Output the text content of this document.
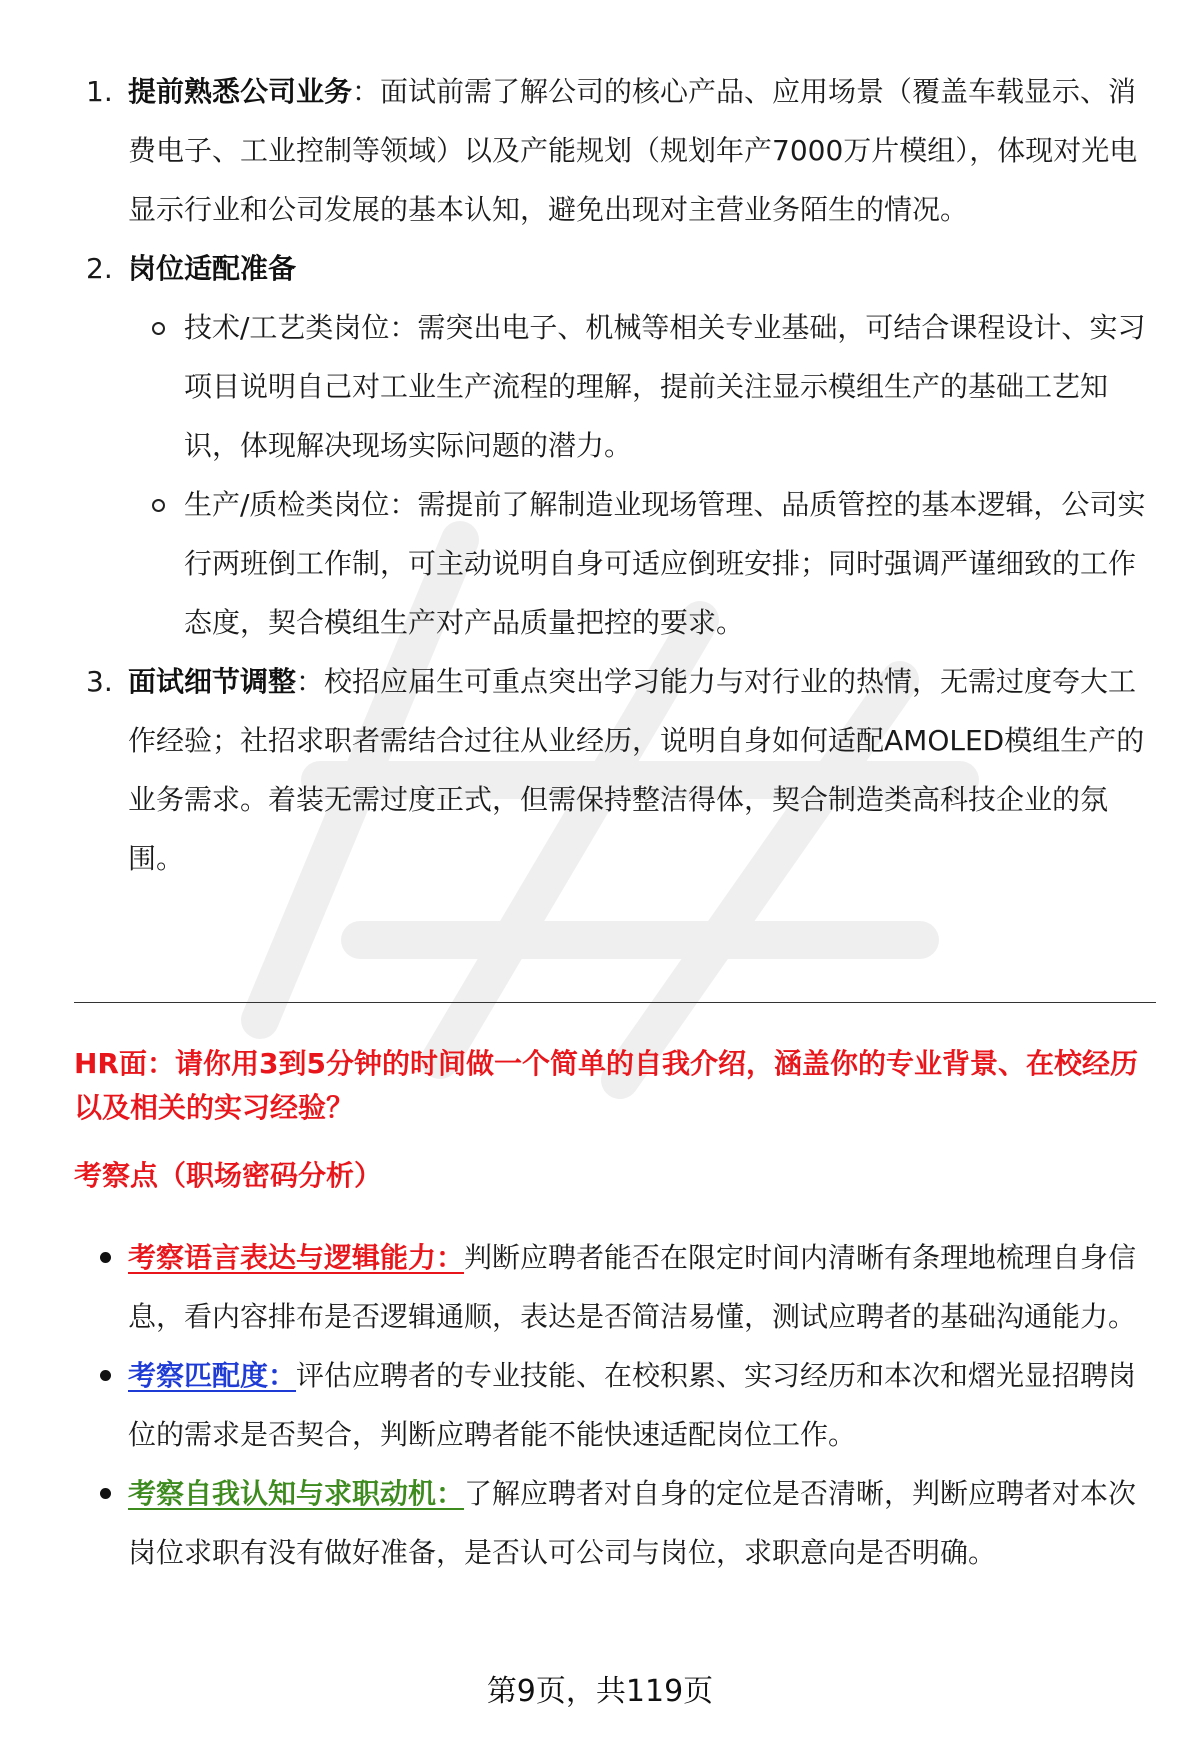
1. 提前熟悉公司业务：面试前需了解公司的核心产品、应用场景（覆盖车载显示、消费电子、工业控制等领域）以及产能规划（规划年产7000万片模组），体现对光电显示行业和公司发展的基本认知，避免出现对主营业务陌生的情况。
2. 岗位适配准备
技术/工艺类岗位：需突出电子、机械等相关专业基础，可结合课程设计、实习项目说明自己对工业生产流程的理解，提前关注显示模组生产的基础工艺知识，体现解决现场实际问题的潜力。
生产/质检类岗位：需提前了解制造业现场管理、品质管控的基本逻辑，公司实行两班倒工作制，可主动说明自身可适应倒班安排；同时强调严谨细致的工作态度，契合模组生产对产品质量把控的要求。
3. 面试细节调整：校招应届生可重点突出学习能力与对行业的热情，无需过度夸大工作经验；社招求职者需结合过往从业经历，说明自身如何适配AMOLED模组生产的业务需求。着装无需过度正式，但需保持整洁得体，契合制造类高科技企业的氛围。
HR面：请你用3到5分钟的时间做一个简单的自我介绍，涵盖你的专业背景、在校经历以及相关的实习经验？
考察点（职场密码分析）
考察语言表达与逻辑能力：判断应聘者能否在限定时间内清晰有条理地梳理自身信息，看内容排布是否逻辑通顺，表达是否简洁易懂，测试应聘者的基础沟通能力。
考察匹配度：评估应聘者的专业技能、在校积累、实习经历和本次和熠光显招聘岗位的需求是否契合，判断应聘者能不能快速适配岗位工作。
考察自我认知与求职动机：了解应聘者对自身的定位是否清晰，判断应聘者对本次岗位求职有没有做好准备，是否认可公司与岗位，求职意向是否明确。
第9页，共119页
